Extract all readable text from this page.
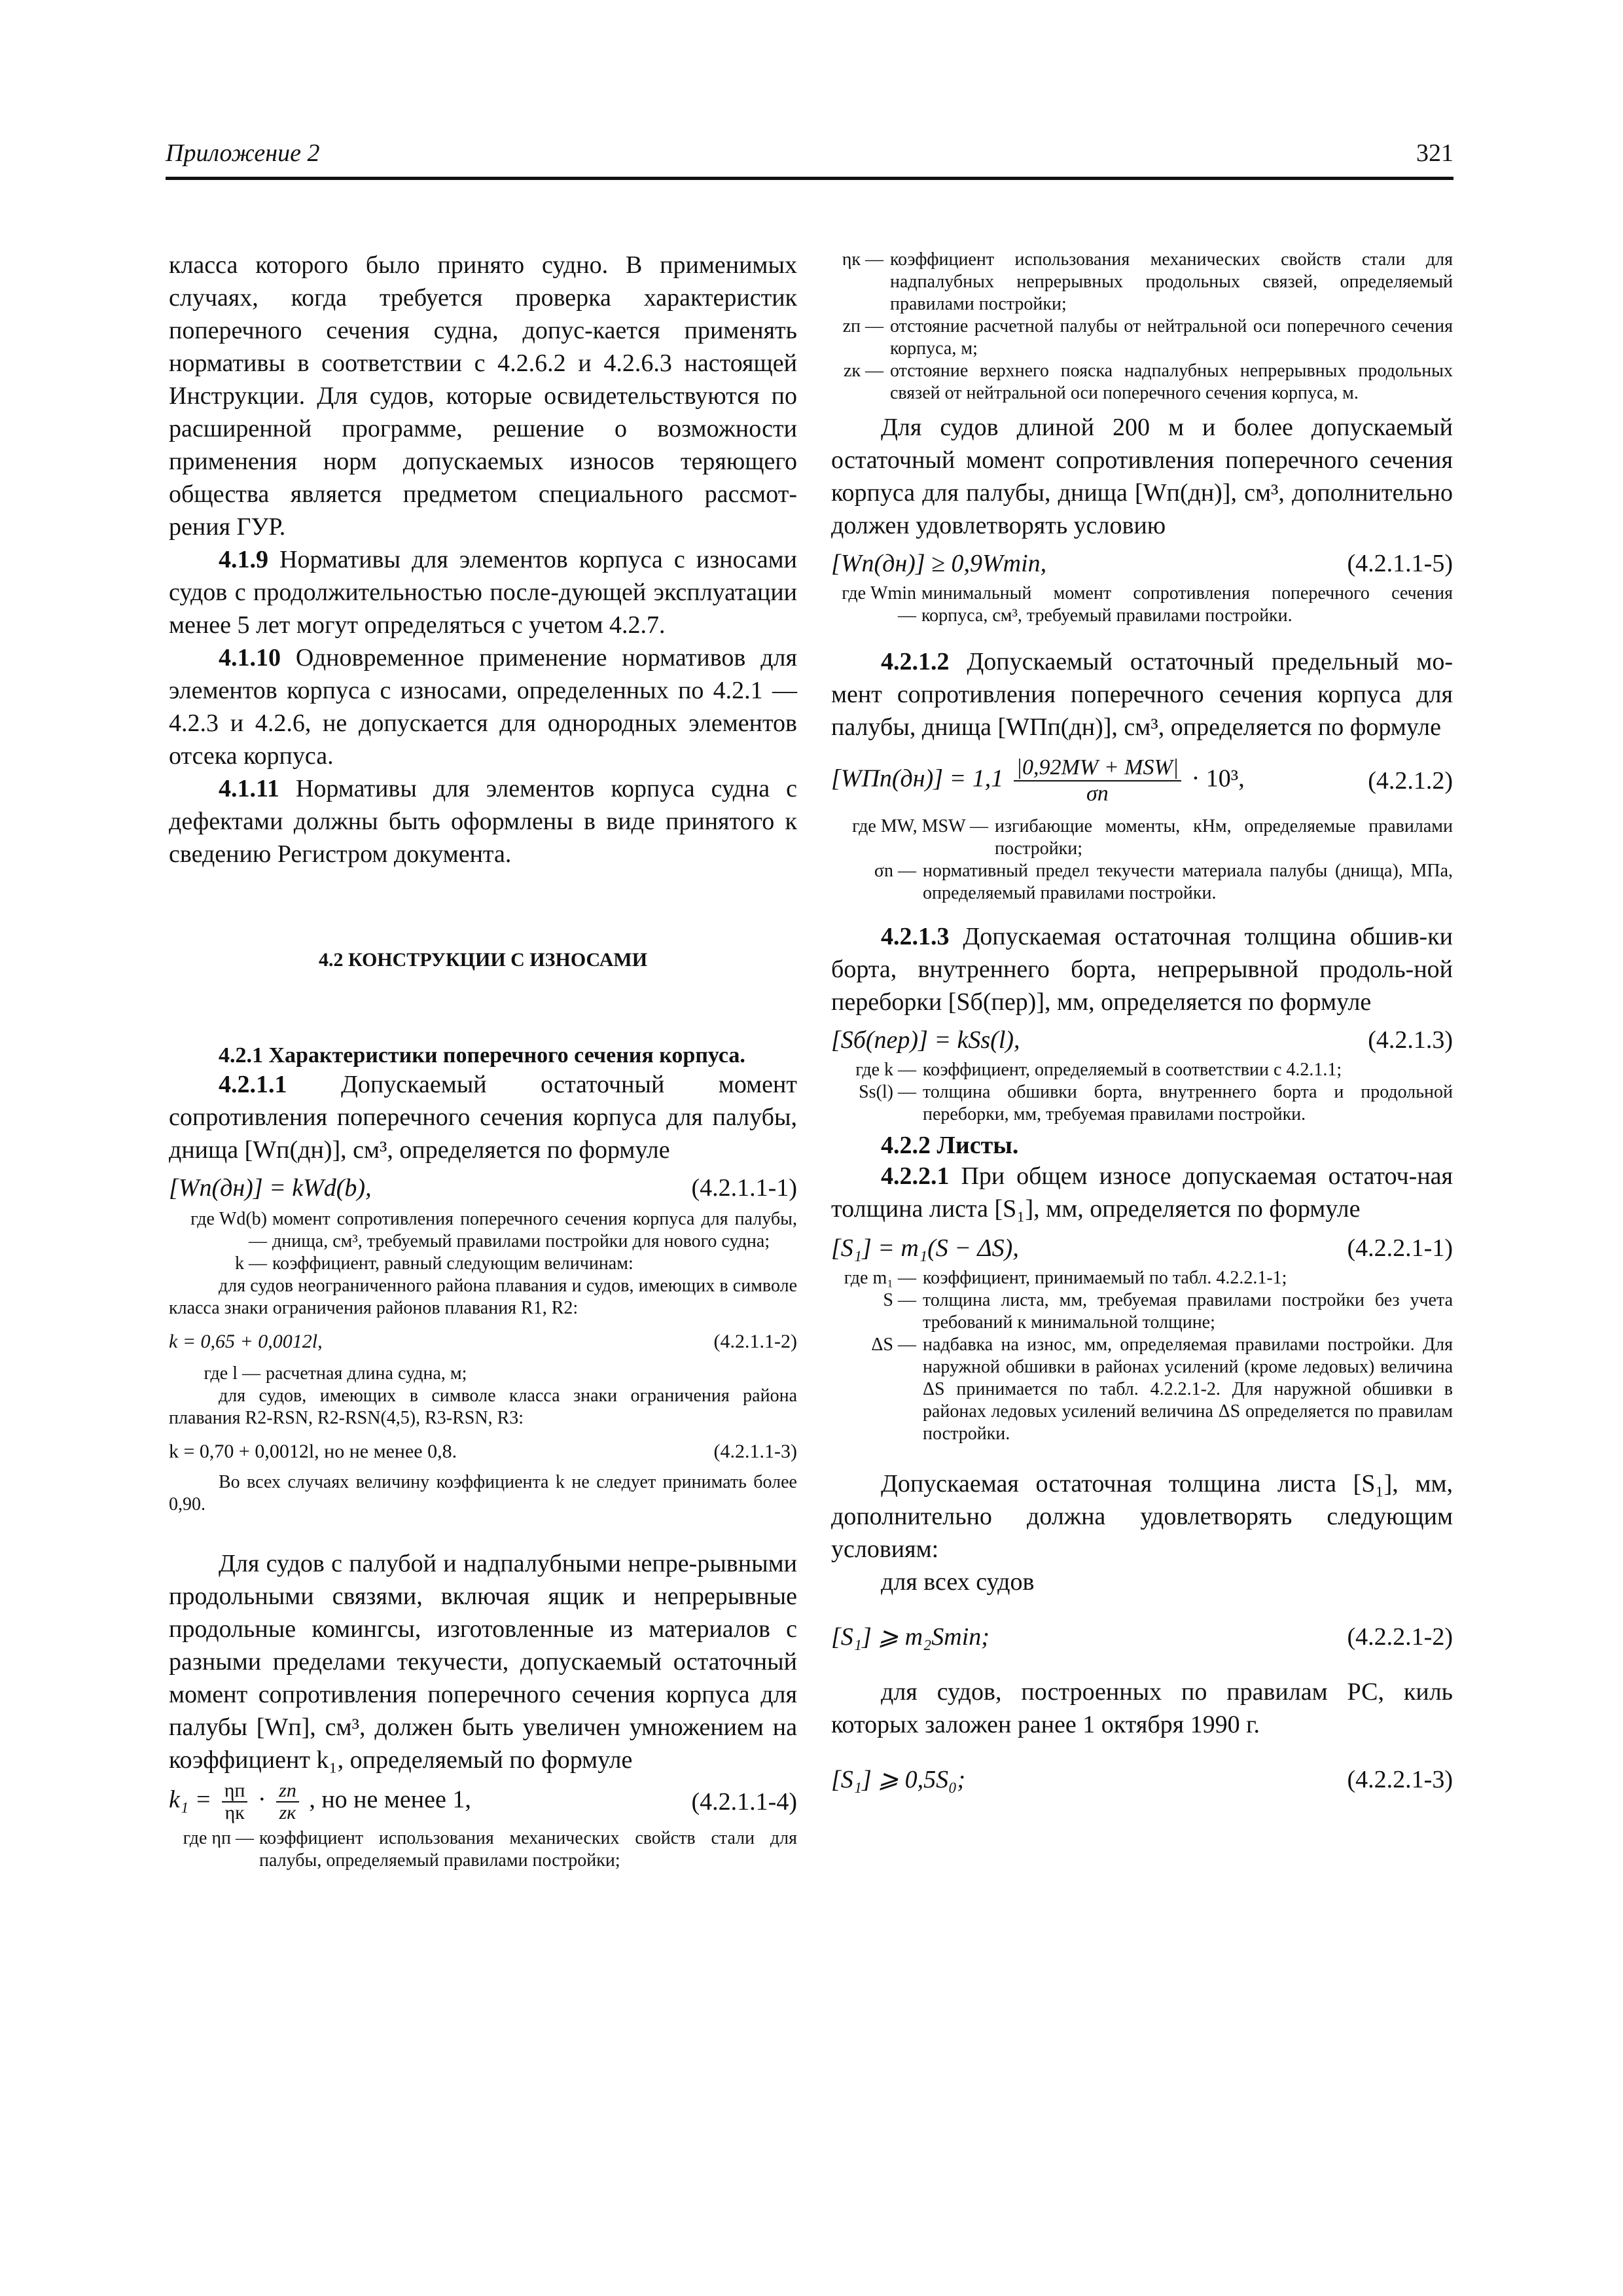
Приложение 2	321

класса которого было принято судно. В применимых случаях, когда требуется проверка характеристик поперечного сечения судна, допус-кается применять нормативы в соответствии с 4.2.6.2 и 4.2.6.3 настоящей Инструкции. Для судов, которые освидетельствуются по расширенной программе, решение о возможности применения норм допускаемых износов теряющего общества является предметом специального рассмот-рения ГУР.

4.1.9 Нормативы для элементов корпуса с износами судов с продолжительностью после-дующей эксплуатации менее 5 лет могут определяться с учетом 4.2.7.

4.1.10 Одновременное применение нормативов для элементов корпуса с износами, определенных по 4.2.1 — 4.2.3 и 4.2.6, не допускается для однородных элементов отсека корпуса.

4.1.11 Нормативы для элементов корпуса судна с дефектами должны быть оформлены в виде принятого к сведению Регистром документа.

4.2 КОНСТРУКЦИИ С ИЗНОСАМИ

4.2.1 Характеристики поперечного сечения корпуса.

4.2.1.1 Допускаемый остаточный момент сопротивления поперечного сечения корпуса для палубы, днища [Wп(дн)], см³, определяется по формуле

[Wп(дн)] = kWd(b),	(4.2.1.1-1)
где Wd(b) —
момент сопротивления поперечного сечения корпуса для палубы, днища, см³, требуемый правилами постройки для нового судна;
k — коэффициент, равный следующим величинам:

для судов неограниченного района плавания и судов, имеющих в символе класса знаки ограничения районов плавания R1, R2:

k = 0,65 + 0,0012l,	(4.2.1.1-2)
где l — расчетная длина судна, м;

для судов, имеющих в символе класса знаки ограничения района плавания R2-RSN, R2-RSN(4,5), R3-RSN, R3:

k = 0,70 + 0,0012l, но не менее 0,8.	(4.2.1.1-3)

Во всех случаях величину коэффициента k не следует принимать более 0,90.

Для судов с палубой и надпалубными непре-рывными продольными связями, включая ящик и непрерывные продольные комингсы, изготовленные из материалов с разными пределами текучести, допускаемый остаточный момент сопротивления поперечного сечения корпуса для палубы [Wп], см³, должен быть увеличен умножением на коэффициент k₁, определяемый по формуле

$k_1 = \frac{\eta п}{\eta к} \cdot \frac{zп}{zк}$ , но не менее 1,	(4.2.1.1-4)
где ηп — коэффициент использования механических свойств стали для палубы, определяемый правилами постройки;
ηк — коэффициент использования механических свойств стали для надпалубных непрерывных продольных связей, определяемый правилами постройки;
zп — отстояние расчетной палубы от нейтральной оси поперечного сечения корпуса, м;
zк — отстояние верхнего пояска надпалубных непрерывных продольных связей от нейтральной оси поперечного сечения корпуса, м.

Для судов длиной 200 м и более допускаемый остаточный момент сопротивления поперечного сечения корпуса для палубы, днища [Wп(дн)], см³, дополнительно должен удовлетворять условию

[Wп(дн)] ≥ 0,9Wmin,	(4.2.1.1-5)
где Wmin —
минимальный момент сопротивления поперечного сечения корпуса, см³, требуемый правилами постройки.

4.2.1.2 Допускаемый остаточный предельный мо-мент сопротивления поперечного сечения корпуса для палубы, днища [WПп(дн)], см³, определяется по формуле

$[WПп(дн)] = 1,1 \frac{\text{|0,92MW + MSW|}}{\sigma n} \cdot 10^3$,	(4.2.1.2)
где MW, MSW — изгибающие моменты, кНм, определяемые правилами постройки;
σn — нормативный предел текучести материала палубы (днища), МПа, определяемый правилами постройки.

4.2.1.3 Допускаемая остаточная толщина обшив-ки борта, внутреннего борта, непрерывной продоль-ной переборки [Sб(пер)], мм, определяется по формуле

[Sб(пер)] = kSs(l),	(4.2.1.3)
где k — коэффициент, определяемый в соответствии с 4.2.1.1;
Ss(l) — толщина обшивки борта, внутреннего борта и продольной переборки, мм, требуемая правилами постройки.

4.2.2 Листы.

4.2.2.1 При общем износе допускаемая остаточ-ная толщина листа [S₁], мм, определяется по формуле

[S₁] = m₁(S − ΔS),	(4.2.2.1-1)
где m₁ — коэффициент, принимаемый по табл. 4.2.2.1-1;
S — толщина листа, мм, требуемая правилами постройки без учета требований к минимальной толщине;
ΔS — надбавка на износ, мм, определяемая правилами постройки. Для наружной обшивки в районах усилений (кроме ледовых) величина ΔS принимается по табл. 4.2.2.1-2. Для наружной обшивки в районах ледовых усилений величина ΔS определяется по правилам постройки.

Допускаемая остаточная толщина листа [S₁], мм, дополнительно должна удовлетворять следующим условиям:

для всех судов

[S₁] ⩾ m₂Smin;	(4.2.2.1-2)

для судов, построенных по правилам РС, киль которых заложен ранее 1 октября 1990 г.

[S₁] ⩾ 0,5S₀;	(4.2.2.1-3)
